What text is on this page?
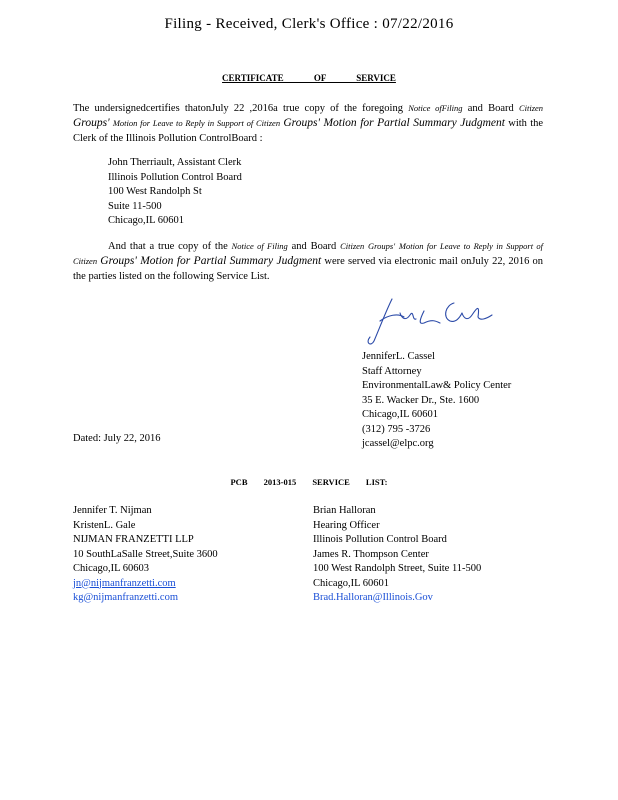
Filing - Received, Clerk's Office : 07/22/2016
CERTIFICATE OF SERVICE
The undersignedcertifies thatonJuly 22 ,2016a true copy of the foregoing Notice ofFiling and Board Citizen Groups' Motion for Leave to Reply in Support of Citizen Groups' Motion for Partial Summary Judgment with the Clerk of the Illinois Pollution ControlBoard :
John Therriault, Assistant Clerk
Illinois Pollution Control Board
100 West Randolph St
Suite 11-500
Chicago,IL 60601
And that a true copy of the Notice of Filing and Board Citizen Groups' Motion for Leave to Reply in Support of Citizen Groups' Motion for Partial Summary Judgment were served via electronic mail onJuly 22, 2016 on the parties listed on the following Service List.
JenniferL. Cassel
Staff Attorney
EnvironmentalLaw& Policy Center
35 E. Wacker Dr., Ste. 1600
Chicago,IL 60601
(312) 795 -3726
jcassel@elpc.org
Dated: July 22, 2016
PCB 2013-015 SERVICE LIST:
Jennifer T. Nijman
KristenL. Gale
NIJMAN FRANZETTI LLP
10 SouthLaSalle Street,Suite 3600
Chicago,IL 60603
jn@nijmanfranzetti.com
kg@nijmanfranzetti.com
Brian Halloran
Hearing Officer
Illinois Pollution Control Board
James R. Thompson Center
100 West Randolph Street, Suite 11-500
Chicago,IL 60601
Brad.Halloran@Illinois.Gov
